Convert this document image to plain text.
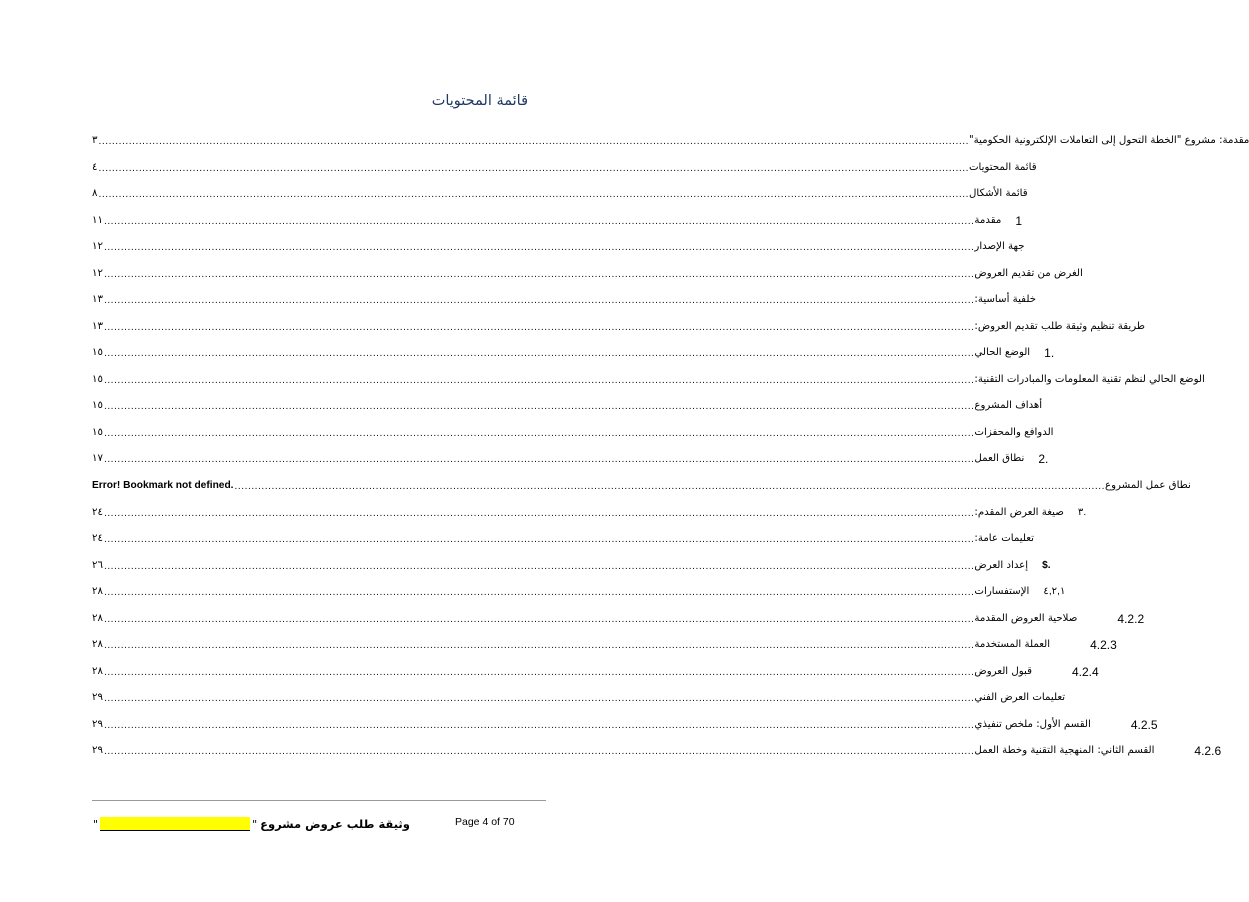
قائمة المحتويات
٣ ................................................................................................................................................................................................................................................................... مقدمة: مشروع "الخطة التحول إلى التعاملات الإلكترونية الحكومية"
٤ ................................................................................................................................................................................................................................................................... قائمة المحتويات
٨ ................................................................................................................................................................................................................................................................... قائمة الأشكال
١١ ................................................................................................................................................................................................................................................................... مقدمة 1
١٢ ................................................................................................................................................................................................................................................................... جهة الإصدار
١٢ ................................................................................................................................................................................................................................................................... الغرض من تقديم العروض
١٣ ................................................................................................................................................................................................................................................................... خلفية أساسية:
١٣ ................................................................................................................................................................................................................................................................... طريقة تنظيم وثيقة طلب تقديم العروض:
١٥ ................................................................................................................................................................................................................................................................... الوضع الحالي 1.
١٥ ................................................................................................................................................................................................................................................................... الوضع الحالي لنظم تقنية المعلومات والمبادرات التقنية:
١٥ ................................................................................................................................................................................................................................................................... أهداف المشروع
١٥ ................................................................................................................................................................................................................................................................... الدوافع والمحفزات
١٧ ................................................................................................................................................................................................................................................................... نطاق العمل 2.
Error! Bookmark not defined. ................................................................................................................................................................................................................................................................... نطاق عمل المشروع
٢٤ ................................................................................................................................................................................................................................................................... صيغة العرض المقدم: ٣.
٢٤ ................................................................................................................................................................................................................................................................... تعليمات عامة:
٢٦ ................................................................................................................................................................................................................................................................... إعداد العرض $.
٢٨ ................................................................................................................................................................................................................................................................... الإستفسارات ٤,٢,١
٢٨ ................................................................................................................................................................................................................................................................... صلاحية العروض المقدمة	4.2.2
٢٨ ................................................................................................................................................................................................................................................................... العملة المستخدمة	4.2.3
٢٨ ................................................................................................................................................................................................................................................................... قبول العروض	4.2.4
٢٩ ................................................................................................................................................................................................................................................................... تعليمات العرض الفني
٢٩ ................................................................................................................................................................................................................................................................... القسم الأول: ملخص تنفيذي	4.2.5
٢٩ ................................................................................................................................................................................................................................................................... القسم الثاني: المنهجية التقنية وخطة العمل	4.2.6
"	" وثيقة طلب عروض مشروع	Page 4 of 70
